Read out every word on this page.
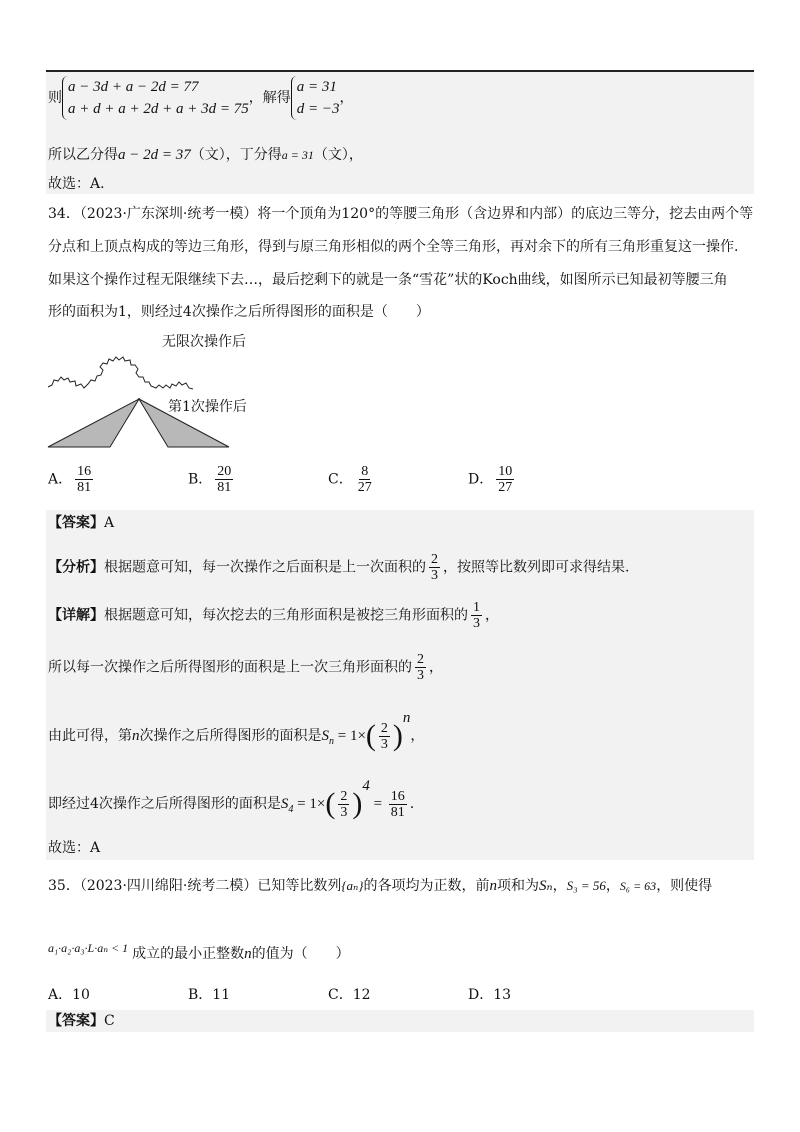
则
a − 3d + a − 2d = 77
a + d + a + 2d + a + 3d = 75
，解得
a = 31
d = −3
，
所以乙分得a − 2d = 37（文），丁分得a = 31（文），
故选：A.
34．（2023·广东深圳·统考一模）将一个顶角为120°的等腰三角形（含边界和内部）的底边三等分，挖去由两个等
分点和上顶点构成的等边三角形，得到与原三角形相似的两个全等三角形，再对余下的所有三角形重复这一操作.
如果这个操作过程无限继续下去…，最后挖剩下的就是一条“雪花”状的Koch曲线，如图所示已知最初等腰三角
形的面积为1，则经过4次操作之后所得图形的面积是（　　）
无限次操作后
第1次操作后
A． $\frac{16}{81}$	B． $\frac{20}{81}$	C． $\frac{8}{27}$	D． $\frac{10}{27}$
【答案】A
【分析】根据题意可知，每一次操作之后面积是上一次面积的 $\frac{2}{3}$ ，按照等比数列即可求得结果.
【详解】根据题意可知，每次挖去的三角形面积是被挖三角形面积的 $\frac{1}{3}$ ，
所以每一次操作之后所得图形的面积是上一次三角形面积的 $\frac{2}{3}$ ，
由此可得，第n次操作之后所得图形的面积是$S_n = 1\times( \frac{2}{3} )^n$，
即经过4次操作之后所得图形的面积是$S_4 = 1\times( \frac{2}{3} )^4 = \frac{16}{81}$ .
故选：A
35．（2023·四川绵阳·统考二模）已知等比数列{aₙ}的各项均为正数，前n项和为Sₙ，S₃ = 56，S₆ = 63，则使得
a₁·a₂·a₃·L·aₙ < 1 成立的最小正整数n的值为（　　）
A．10	B．11	C．12	D．13
【答案】C
